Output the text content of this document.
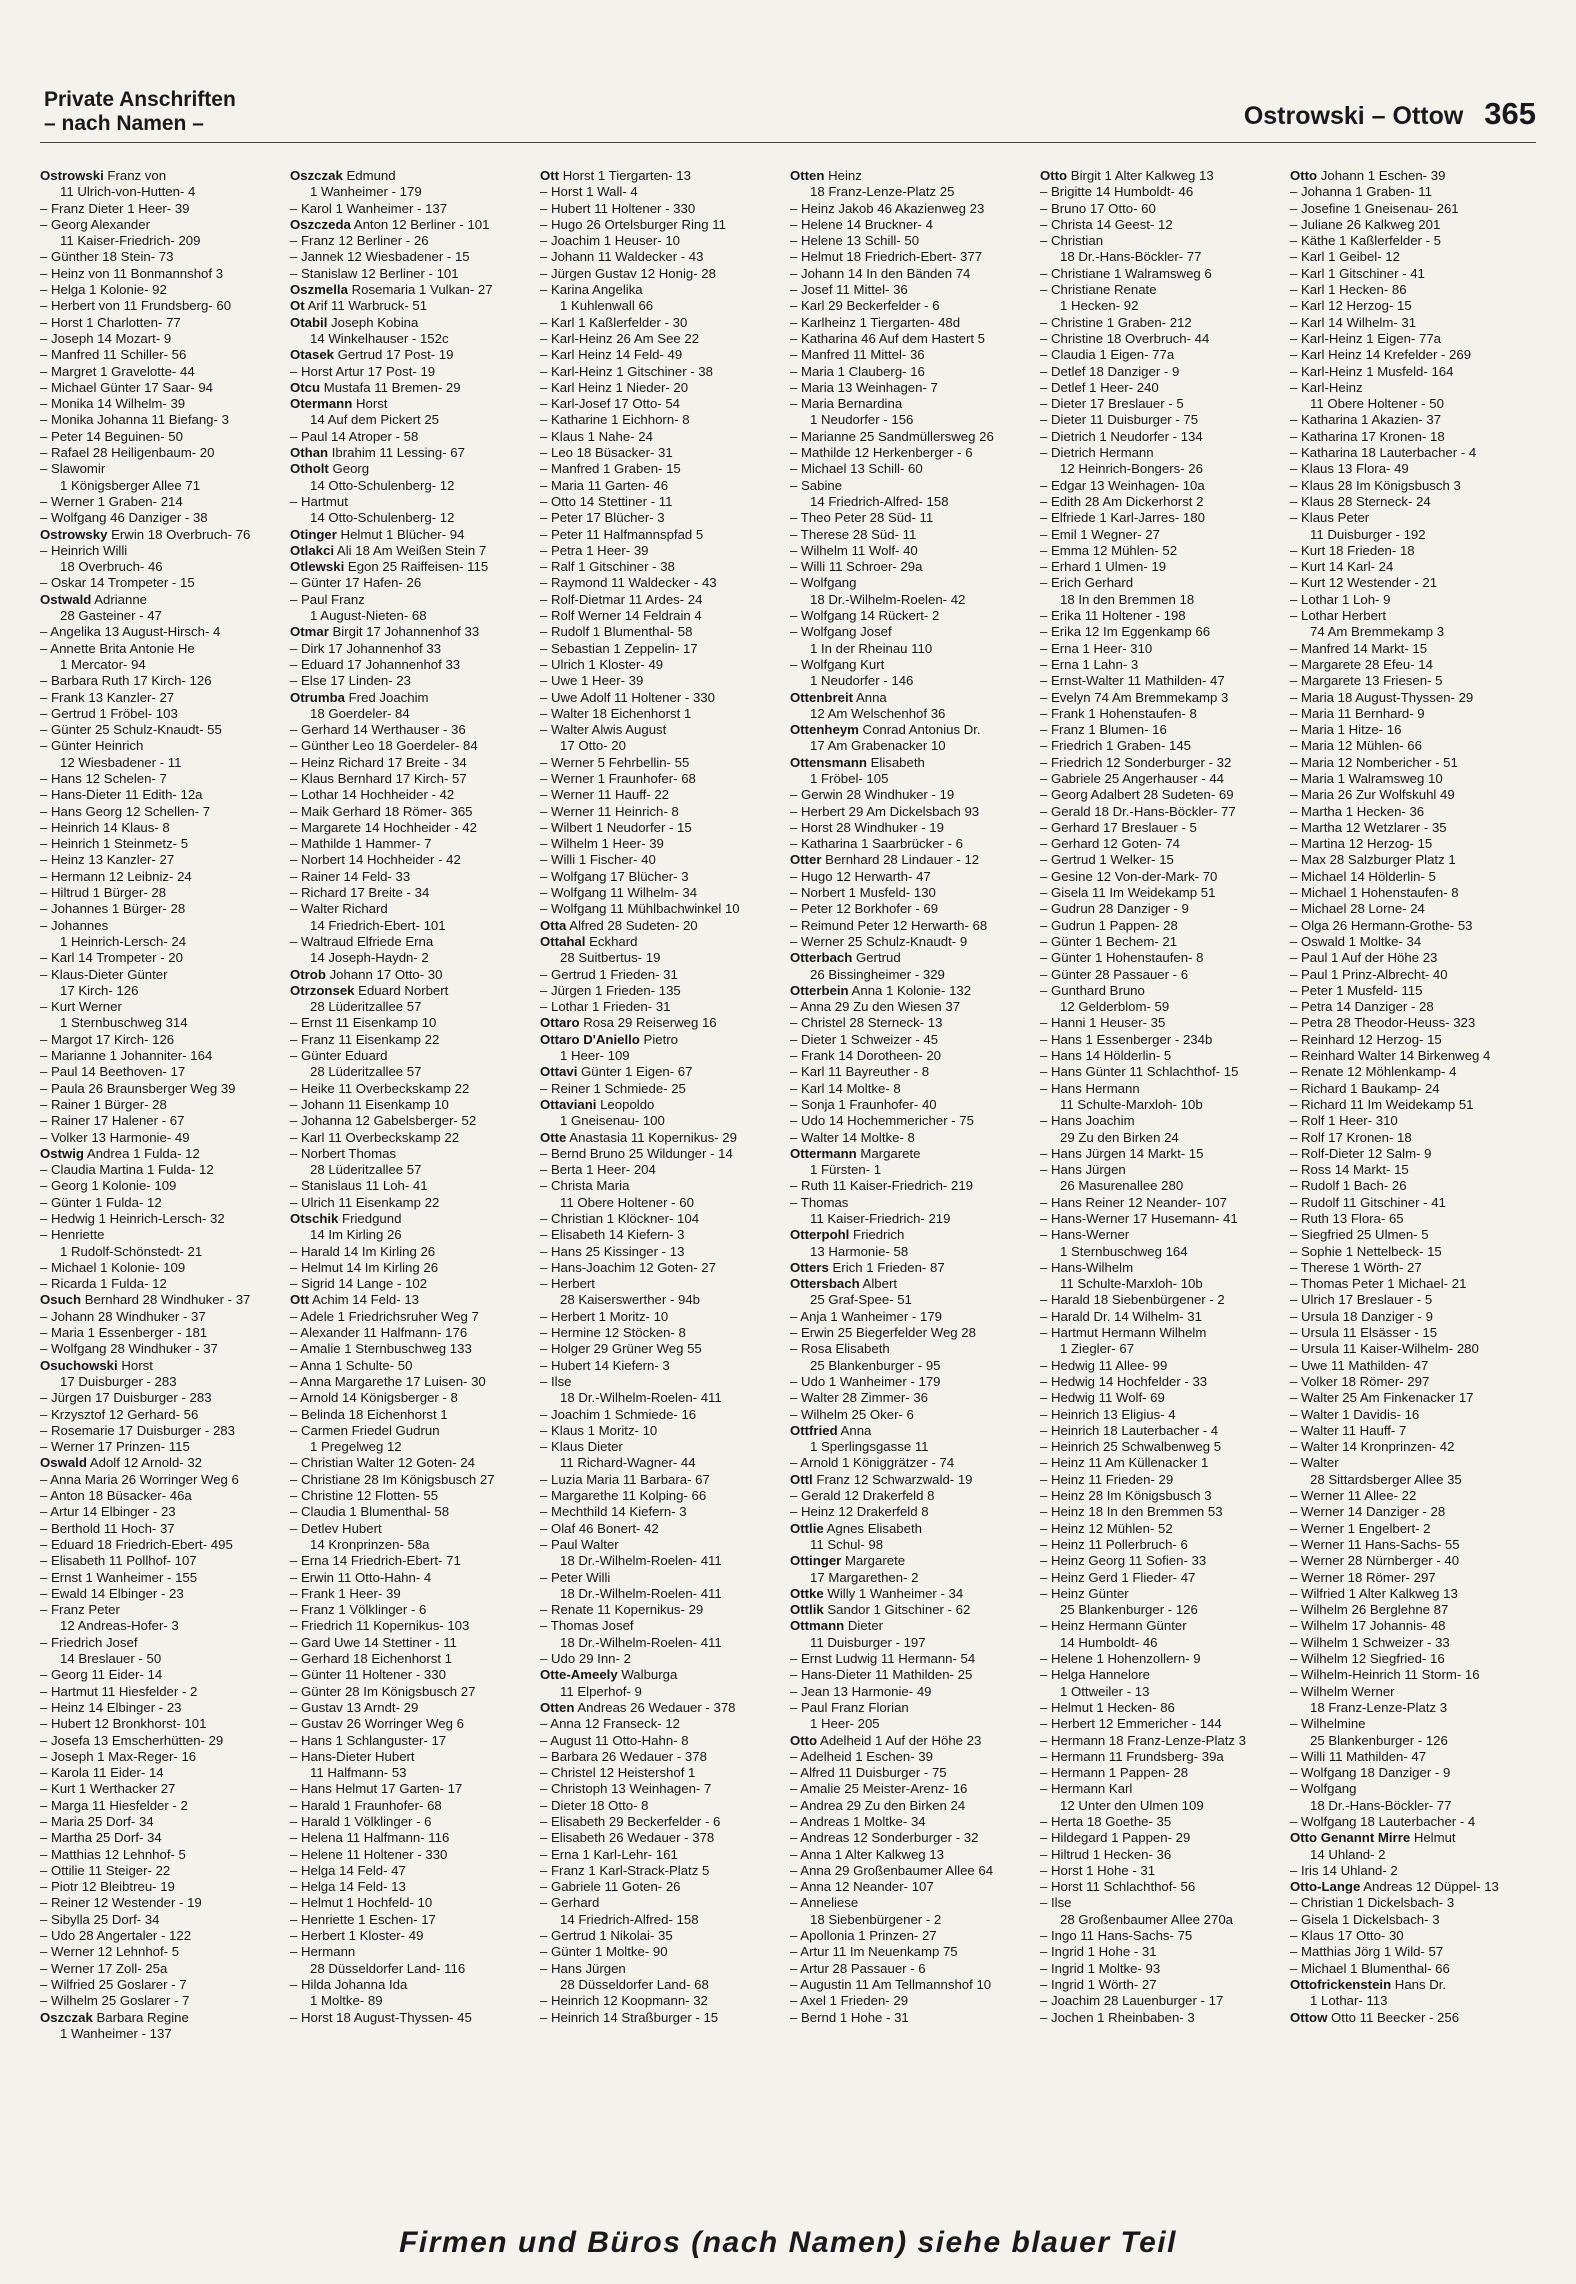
Private Anschriften
– nach Namen –	Ostrowski – Ottow 365
Ostrowski Franz von
11 Ulrich-von-Hutten- 4
– Franz Dieter 1 Heer- 39
– Georg Alexander
11 Kaiser-Friedrich- 209
– Günther 18 Stein- 73
– Heinz von 11 Bonmannshof 3
– Helga 1 Kolonie- 92
– Herbert von 11 Frundsberg- 60
– Horst 1 Charlotten- 77
– Joseph 14 Mozart- 9
– Manfred 11 Schiller- 56
– Margret 1 Gravelotte- 44
– Michael Günter 17 Saar- 94
– Monika 14 Wilhelm- 39
– Monika Johanna 11 Biefang- 3
– Peter 14 Beguinen- 50
– Rafael 28 Heiligenbaum- 20
– Slawomir
1 Königsberger Allee 71
– Werner 1 Graben- 214
– Wolfgang 46 Danziger - 38
Ostrowsky Erwin 18 Overbruch- 76
– Heinrich Willi
18 Overbruch- 46
– Oskar 14 Trompeter - 15
Ostwald Adrianne
28 Gasteiner - 47
– Angelika 13 August-Hirsch- 4
– Annette Brita Antonie He
1 Mercator- 94
– Barbara Ruth 17 Kirch- 126
– Frank 13 Kanzler- 27
– Gertrud 1 Fröbel- 103
– Günter 25 Schulz-Knaudt- 55
– Günter Heinrich
12 Wiesbadener - 11
– Hans 12 Schelen- 7
– Hans-Dieter 11 Edith- 12a
– Hans Georg 12 Schellen- 7
– Heinrich 14 Klaus- 8
– Heinrich 1 Steinmetz- 5
– Heinz 13 Kanzler- 27
– Hermann 12 Leibniz- 24
– Hiltrud 1 Bürger- 28
– Johannes 1 Bürger- 28
– Johannes
1 Heinrich-Lersch- 24
– Karl 14 Trompeter - 20
– Klaus-Dieter Günter
17 Kirch- 126
– Kurt Werner
1 Sternbuschweg 314
– Margot 17 Kirch- 126
– Marianne 1 Johanniter- 164
– Paul 14 Beethoven- 17
– Paula 26 Braunsberger Weg 39
– Rainer 1 Bürger- 28
– Rainer 17 Halener - 67
– Volker 13 Harmonie- 49
Ostwig Andrea 1 Fulda- 12
– Claudia Martina 1 Fulda- 12
– Georg 1 Kolonie- 109
– Günter 1 Fulda- 12
– Hedwig 1 Heinrich-Lersch- 32
– Henriette
1 Rudolf-Schönstedt- 21
– Michael 1 Kolonie- 109
– Ricarda 1 Fulda- 12
Osuch Bernhard 28 Windhuker - 37
– Johann 28 Windhuker - 37
– Maria 1 Essenberger - 181
– Wolfgang 28 Windhuker - 37
Osuchowski Horst
17 Duisburger - 283
– Jürgen 17 Duisburger - 283
– Krzysztof 12 Gerhard- 56
– Rosemarie 17 Duisburger - 283
– Werner 17 Prinzen- 115
Oswald Adolf 12 Arnold- 32
– Anna Maria 26 Worringer Weg 6
– Anton 18 Büsacker- 46a
– Artur 14 Elbinger - 23
– Berthold 11 Hoch- 37
– Eduard 18 Friedrich-Ebert- 495
– Elisabeth 11 Pollhof- 107
– Ernst 1 Wanheimer - 155
– Ewald 14 Elbinger - 23
– Franz Peter
12 Andreas-Hofer- 3
– Friedrich Josef
14 Breslauer - 50
– Georg 11 Eider- 14
– Hartmut 11 Hiesfelder - 2
– Heinz 14 Elbinger - 23
– Hubert 12 Bronkhorst- 101
– Josefa 13 Emscherhütten- 29
– Joseph 1 Max-Reger- 16
– Karola 11 Eider- 14
– Kurt 1 Werthacker 27
– Marga 11 Hiesfelder - 2
– Maria 25 Dorf- 34
– Martha 25 Dorf- 34
– Matthias 12 Lehnhof- 5
– Ottilie 11 Steiger- 22
– Piotr 12 Bleibtreu- 19
– Reiner 12 Westender - 19
– Sibylla 25 Dorf- 34
– Udo 28 Angertaler - 122
– Werner 12 Lehnhof- 5
– Werner 17 Zoll- 25a
– Wilfried 25 Goslarer - 7
– Wilhelm 25 Goslarer - 7
Oszczak Barbara Regine
1 Wanheimer - 137
Oszczak Edmund
1 Wanheimer - 179
– Karol 1 Wanheimer - 137
Oszczeda Anton 12 Berliner - 101
– Franz 12 Berliner - 26
– Jannek 12 Wiesbadener - 15
– Stanislaw 12 Berliner - 101
Oszmella Rosemaria 1 Vulkan- 27
Ot Arif 11 Warbruck- 51
Otabil Joseph Kobina
14 Winkelhauser - 152c
Otasek Gertrud 17 Post- 19
– Horst Artur 17 Post- 19
Otcu Mustafa 11 Bremen- 29
Otermann Horst
14 Auf dem Pickert 25
– Paul 14 Atroper - 58
Othan Ibrahim 11 Lessing- 67
Otholt Georg
14 Otto-Schulenberg- 12
– Hartmut
14 Otto-Schulenberg- 12
Otinger Helmut 1 Blücher- 94
Otlakci Ali 18 Am Weißen Stein 7
Otlewski Egon 25 Raiffeisen- 115
– Günter 17 Hafen- 26
– Paul Franz
1 August-Nieten- 68
Otmar Birgit 17 Johannenhof 33
– Dirk 17 Johannenhof 33
– Eduard 17 Johannenhof 33
– Else 17 Linden- 23
Otrumba Fred Joachim
18 Goerdeler- 84
– Gerhard 14 Werthauser - 36
– Günther Leo 18 Goerdeler- 84
– Heinz Richard 17 Breite - 34
– Klaus Bernhard 17 Kirch- 57
– Lothar 14 Hochheider - 42
– Maik Gerhard 18 Römer- 365
– Margarete 14 Hochheider - 42
– Mathilde 1 Hammer- 7
– Norbert 14 Hochheider - 42
– Rainer 14 Feld- 33
– Richard 17 Breite - 34
– Walter Richard
14 Friedrich-Ebert- 101
– Waltraud Elfriede Erna
14 Joseph-Haydn- 2
Otrob Johann 17 Otto- 30
Otrzonsek Eduard Norbert
28 Lüderitzallee 57
– Ernst 11 Eisenkamp 10
– Franz 11 Eisenkamp 22
– Günter Eduard
28 Lüderitzallee 57
– Heike 11 Overbeckskamp 22
– Johann 11 Eisenkamp 10
– Johanna 12 Gabelsberger- 52
– Karl 11 Overbeckskamp 22
– Norbert Thomas
28 Lüderitzallee 57
– Stanislaus 11 Loh- 41
– Ulrich 11 Eisenkamp 22
Otschik Friedgund
14 Im Kirling 26
– Harald 14 Im Kirling 26
– Helmut 14 Im Kirling 26
– Sigrid 14 Lange - 102
Ott Achim 14 Feld- 13
– Adele 1 Friedrichsruher Weg 7
– Alexander 11 Halfmann- 176
– Amalie 1 Sternbuschweg 133
– Anna 1 Schulte- 50
– Anna Margarethe 17 Luisen- 30
– Arnold 14 Königsberger - 8
– Belinda 18 Eichenhorst 1
– Carmen Friedel Gudrun
1 Pregelweg 12
– Christian Walter 12 Goten- 24
– Christiane 28 Im Königsbusch 27
– Christine 12 Flotten- 55
– Claudia 1 Blumenthal- 58
– Detlev Hubert
14 Kronprinzen- 58a
– Erna 14 Friedrich-Ebert- 71
– Erwin 11 Otto-Hahn- 4
– Frank 1 Heer- 39
– Franz 1 Völklinger - 6
– Friedrich 11 Kopernikus- 103
– Gard Uwe 14 Stettiner - 11
– Gerhard 18 Eichenhorst 1
– Günter 11 Holtener - 330
– Günter 28 Im Königsbusch 27
– Gustav 13 Arndt- 29
– Gustav 26 Worringer Weg 6
– Hans 1 Schlanguster- 17
– Hans-Dieter Hubert
11 Halfmann- 53
– Hans Helmut 17 Garten- 17
– Harald 1 Fraunhofer- 68
– Harald 1 Völklinger - 6
– Helena 11 Halfmann- 116
– Helene 11 Holtener - 330
– Helga 14 Feld- 47
– Helga 14 Feld- 13
– Helmut 1 Hochfeld- 10
– Henriette 1 Eschen- 17
– Herbert 1 Kloster- 49
– Hermann
28 Düsseldorfer Land- 116
– Hilda Johanna Ida
1 Moltke- 89
– Horst 18 August-Thyssen- 45
Ott Horst 1 Tiergarten- 13
– Horst 1 Wall- 4
– Hubert 11 Holtener - 330
– Hugo 26 Ortelsburger Ring 11
– Joachim 1 Heuser- 10
– Johann 11 Waldecker - 43
– Jürgen Gustav 12 Honig- 28
– Karina Angelika
1 Kuhlenwall 66
– Karl 1 Kaßlerfelder - 30
– Karl-Heinz 26 Am See 22
– Karl Heinz 14 Feld- 49
– Karl-Heinz 1 Gitschiner - 38
– Karl Heinz 1 Nieder- 20
– Karl-Josef 17 Otto- 54
– Katharine 1 Eichhorn- 8
– Klaus 1 Nahe- 24
– Leo 18 Büsacker- 31
– Manfred 1 Graben- 15
– Maria 11 Garten- 46
– Otto 14 Stettiner - 11
– Peter 17 Blücher- 3
– Peter 11 Halfmannspfad 5
– Petra 1 Heer- 39
– Ralf 1 Gitschiner - 38
– Raymond 11 Waldecker - 43
– Rolf-Dietmar 11 Ardes- 24
– Rolf Werner 14 Feldrain 4
– Rudolf 1 Blumenthal- 58
– Sebastian 1 Zeppelin- 17
– Ulrich 1 Kloster- 49
– Uwe 1 Heer- 39
– Uwe Adolf 11 Holtener - 330
– Walter 18 Eichenhorst 1
– Walter Alwis August
17 Otto- 20
– Werner 5 Fehrbellin- 55
– Werner 1 Fraunhofer- 68
– Werner 11 Hauff- 22
– Werner 11 Heinrich- 8
– Wilbert 1 Neudorfer - 15
– Wilhelm 1 Heer- 39
– Willi 1 Fischer- 40
– Wolfgang 17 Blücher- 3
– Wolfgang 11 Wilhelm- 34
– Wolfgang 11 Mühlbachwinkel 10
Otta Alfred 28 Sudeten- 20
Ottahal Eckhard
28 Suitbertus- 19
– Gertrud 1 Frieden- 31
– Jürgen 1 Frieden- 135
– Lothar 1 Frieden- 31
Ottaro Rosa 29 Reiserweg 16
Ottaro D'Aniello Pietro
1 Heer- 109
Ottavi Günter 1 Eigen- 67
– Reiner 1 Schmiede- 25
Ottaviani Leopoldo
1 Gneisenau- 100
Otte Anastasia 11 Kopernikus- 29
– Bernd Bruno 25 Wildunger - 14
– Berta 1 Heer- 204
– Christa Maria
11 Obere Holtener - 60
– Christian 1 Klöckner- 104
– Elisabeth 14 Kiefern- 3
– Hans 25 Kissinger - 13
– Hans-Joachim 12 Goten- 27
– Herbert
28 Kaiserswerther - 94b
– Herbert 1 Moritz- 10
– Hermine 12 Stöcken- 8
– Holger 29 Grüner Weg 55
– Hubert 14 Kiefern- 3
– Ilse
18 Dr.-Wilhelm-Roelen- 411
– Joachim 1 Schmiede- 16
– Klaus 1 Moritz- 10
– Klaus Dieter
11 Richard-Wagner- 44
– Luzia Maria 11 Barbara- 67
– Margarethe 11 Kolping- 66
– Mechthild 14 Kiefern- 3
– Olaf 46 Bonert- 42
– Paul Walter
18 Dr.-Wilhelm-Roelen- 411
– Peter Willi
18 Dr.-Wilhelm-Roelen- 411
– Renate 11 Kopernikus- 29
– Thomas Josef
18 Dr.-Wilhelm-Roelen- 411
– Udo 29 Inn- 2
Otte-Ameely Walburga
11 Elperhof- 9
Otten Andreas 26 Wedauer - 378
– Anna 12 Franseck- 12
– August 11 Otto-Hahn- 8
– Barbara 26 Wedauer - 378
– Christel 12 Heistershof 1
– Christoph 13 Weinhagen- 7
– Dieter 18 Otto- 8
– Elisabeth 29 Beckerfelder - 6
– Elisabeth 26 Wedauer - 378
– Erna 1 Karl-Lehr- 161
– Franz 1 Karl-Strack-Platz 5
– Gabriele 11 Goten- 26
– Gerhard
14 Friedrich-Alfred- 158
– Gertrud 1 Nikolai- 35
– Günter 1 Moltke- 90
– Hans Jürgen
28 Düsseldorfer Land- 68
– Heinrich 12 Koopmann- 32
– Heinrich 14 Straßburger - 15
Otten Heinz
18 Franz-Lenze-Platz 25
– Heinz Jakob 46 Akazienweg 23
– Helene 14 Bruckner- 4
– Helene 13 Schill- 50
– Helmut 18 Friedrich-Ebert- 377
– Johann 14 In den Bänden 74
– Josef 11 Mittel- 36
– Karl 29 Beckerfelder - 6
– Karlheinz 1 Tiergarten- 48d
– Katharina 46 Auf dem Hastert 5
– Manfred 11 Mittel- 36
– Maria 1 Clauberg- 16
– Maria 13 Weinhagen- 7
– Maria Bernardina
1 Neudorfer - 156
– Marianne 25 Sandmüllersweg 26
– Mathilde 12 Herkenberger - 6
– Michael 13 Schill- 60
– Sabine
14 Friedrich-Alfred- 158
– Theo Peter 28 Süd- 11
– Therese 28 Süd- 11
– Wilhelm 11 Wolf- 40
– Willi 11 Schroer- 29a
– Wolfgang
18 Dr.-Wilhelm-Roelen- 42
– Wolfgang 14 Rückert- 2
– Wolfgang Josef
1 In der Rheinau 110
– Wolfgang Kurt
1 Neudorfer - 146
Ottenbreit Anna
12 Am Welschenhof 36
Ottenheym Conrad Antonius Dr.
17 Am Grabenacker 10
Ottensmann Elisabeth
1 Fröbel- 105
– Gerwin 28 Windhuker - 19
– Herbert 29 Am Dickelsbach 93
– Horst 28 Windhuker - 19
– Katharina 1 Saarbrücker - 6
Otter Bernhard 28 Lindauer - 12
– Hugo 12 Herwarth- 47
– Norbert 1 Musfeld- 130
– Peter 12 Borkhofer - 69
– Reimund Peter 12 Herwarth- 68
– Werner 25 Schulz-Knaudt- 9
Otterbach Gertrud
26 Bissingheimer - 329
Otterbein Anna 1 Kolonie- 132
– Anna 29 Zu den Wiesen 37
– Christel 28 Sterneck- 13
– Dieter 1 Schweizer - 45
– Frank 14 Dorotheen- 20
– Karl 11 Bayreuther - 8
– Karl 14 Moltke- 8
– Sonja 1 Fraunhofer- 40
– Udo 14 Hochemmericher - 75
– Walter 14 Moltke- 8
Ottermann Margarete
1 Fürsten- 1
– Ruth 11 Kaiser-Friedrich- 219
– Thomas
11 Kaiser-Friedrich- 219
Otterpohl Friedrich
13 Harmonie- 58
Otters Erich 1 Frieden- 87
Ottersbach Albert
25 Graf-Spee- 51
– Anja 1 Wanheimer - 179
– Erwin 25 Biegerfelder Weg 28
– Rosa Elisabeth
25 Blankenburger - 95
– Udo 1 Wanheimer - 179
– Walter 28 Zimmer- 36
– Wilhelm 25 Oker- 6
Ottfried Anna
1 Sperlingsgasse 11
– Arnold 1 Königgrätzer - 74
Ottl Franz 12 Schwarzwald- 19
– Gerald 12 Drakerfeld 8
– Heinz 12 Drakerfeld 8
Ottlie Agnes Elisabeth
11 Schul- 98
Ottinger Margarete
17 Margarethen- 2
Ottke Willy 1 Wanheimer - 34
Ottlik Sandor 1 Gitschiner - 62
Ottmann Dieter
11 Duisburger - 197
– Ernst Ludwig 11 Hermann- 54
– Hans-Dieter 11 Mathilden- 25
– Jean 13 Harmonie- 49
– Paul Franz Florian
1 Heer- 205
Otto Adelheid 1 Auf der Höhe 23
– Adelheid 1 Eschen- 39
– Alfred 11 Duisburger - 75
– Amalie 25 Meister-Arenz- 16
– Andrea 29 Zu den Birken 24
– Andreas 1 Moltke- 34
– Andreas 12 Sonderburger - 32
– Anna 1 Alter Kalkweg 13
– Anna 29 Großenbaumer Allee 64
– Anna 12 Neander- 107
– Anneliese
18 Siebenbürgener - 2
– Apollonia 1 Prinzen- 27
– Artur 11 Im Neuenkamp 75
– Artur 28 Passauer - 6
– Augustin 11 Am Tellmannshof 10
– Axel 1 Frieden- 29
– Bernd 1 Hohe - 31
Otto Birgit 1 Alter Kalkweg 13
– Brigitte 14 Humboldt- 46
– Bruno 17 Otto- 60
– Christa 14 Geest- 12
– Christian
18 Dr.-Hans-Böckler- 77
– Christiane 1 Walramsweg 6
– Christiane Renate
1 Hecken- 92
– Christine 1 Graben- 212
– Christine 18 Overbruch- 44
– Claudia 1 Eigen- 77a
– Detlef 18 Danziger - 9
– Detlef 1 Heer- 240
– Dieter 17 Breslauer - 5
– Dieter 11 Duisburger - 75
– Dietrich 1 Neudorfer - 134
– Dietrich Hermann
12 Heinrich-Bongers- 26
– Edgar 13 Weinhagen- 10a
– Edith 28 Am Dickerhorst 2
– Elfriede 1 Karl-Jarres- 180
– Emil 1 Wegner- 27
– Emma 12 Mühlen- 52
– Erhard 1 Ulmen- 19
– Erich Gerhard
18 In den Bremmen 18
– Erika 11 Holtener - 198
– Erika 12 Im Eggenkamp 66
– Erna 1 Heer- 310
– Erna 1 Lahn- 3
– Ernst-Walter 11 Mathilden- 47
– Evelyn 74 Am Bremmekamp 3
– Frank 1 Hohenstaufen- 8
– Franz 1 Blumen- 16
– Friedrich 1 Graben- 145
– Friedrich 12 Sonderburger - 32
– Gabriele 25 Angerhauser - 44
– Georg Adalbert 28 Sudeten- 69
– Gerald 18 Dr.-Hans-Böckler- 77
– Gerhard 17 Breslauer - 5
– Gerhard 12 Goten- 74
– Gertrud 1 Welker- 15
– Gesine 12 Von-der-Mark- 70
– Gisela 11 Im Weidekamp 51
– Gudrun 28 Danziger - 9
– Gudrun 1 Pappen- 28
– Günter 1 Bechem- 21
– Günter 1 Hohenstaufen- 8
– Günter 28 Passauer - 6
– Gunthard Bruno
12 Gelderblom- 59
– Hanni 1 Heuser- 35
– Hans 1 Essenberger - 234b
– Hans 14 Hölderlin- 5
– Hans Günter 11 Schlachthof- 15
– Hans Hermann
11 Schulte-Marxloh- 10b
– Hans Joachim
29 Zu den Birken 24
– Hans Jürgen 14 Markt- 15
– Hans Jürgen
26 Masurenallee 280
– Hans Reiner 12 Neander- 107
– Hans-Werner 17 Husemann- 41
– Hans-Werner
1 Sternbuschweg 164
– Hans-Wilhelm
11 Schulte-Marxloh- 10b
– Harald 18 Siebenbürgener - 2
– Harald Dr. 14 Wilhelm- 31
– Hartmut Hermann Wilhelm
1 Ziegler- 67
– Hedwig 11 Allee- 99
– Hedwig 14 Hochfelder - 33
– Hedwig 11 Wolf- 69
– Heinrich 13 Eligius- 4
– Heinrich 18 Lauterbacher - 4
– Heinrich 25 Schwalbenweg 5
– Heinz 11 Am Küllenacker 1
– Heinz 11 Frieden- 29
– Heinz 28 Im Königsbusch 3
– Heinz 18 In den Bremmen 53
– Heinz 12 Mühlen- 52
– Heinz 11 Pollerbruch- 6
– Heinz Georg 11 Sofien- 33
– Heinz Gerd 1 Flieder- 47
– Heinz Günter
25 Blankenburger - 126
– Heinz Hermann Günter
14 Humboldt- 46
– Helene 1 Hohenzollern- 9
– Helga Hannelore
1 Ottweiler - 13
– Helmut 1 Hecken- 86
– Herbert 12 Emmericher - 144
– Hermann 18 Franz-Lenze-Platz 3
– Hermann 11 Frundsberg- 39a
– Hermann 1 Pappen- 28
– Hermann Karl
12 Unter den Ulmen 109
– Herta 18 Goethe- 35
– Hildegard 1 Pappen- 29
– Hiltrud 1 Hecken- 36
– Horst 1 Hohe - 31
– Horst 11 Schlachthof- 56
– Ilse
28 Großenbaumer Allee 270a
– Ingo 11 Hans-Sachs- 75
– Ingrid 1 Hohe - 31
– Ingrid 1 Moltke- 93
– Ingrid 1 Wörth- 27
– Joachim 28 Lauenburger - 17
– Jochen 1 Rheinbaben- 3
Otto Johann 1 Eschen- 39
– Johanna 1 Graben- 11
– Josefine 1 Gneisenau- 261
– Juliane 26 Kalkweg 201
– Käthe 1 Kaßlerfelder - 5
– Karl 1 Geibel- 12
– Karl 1 Gitschiner - 41
– Karl 1 Hecken- 86
– Karl 12 Herzog- 15
– Karl 14 Wilhelm- 31
– Karl-Heinz 1 Eigen- 77a
– Karl Heinz 14 Krefelder - 269
– Karl-Heinz 1 Musfeld- 164
– Karl-Heinz
11 Obere Holtener - 50
– Katharina 1 Akazien- 37
– Katharina 17 Kronen- 18
– Katharina 18 Lauterbacher - 4
– Klaus 13 Flora- 49
– Klaus 28 Im Königsbusch 3
– Klaus 28 Sterneck- 24
– Klaus Peter
11 Duisburger - 192
– Kurt 18 Frieden- 18
– Kurt 14 Karl- 24
– Kurt 12 Westender - 21
– Lothar 1 Loh- 9
– Lothar Herbert
74 Am Bremmekamp 3
– Manfred 14 Markt- 15
– Margarete 28 Efeu- 14
– Margarete 13 Friesen- 5
– Maria 18 August-Thyssen- 29
– Maria 11 Bernhard- 9
– Maria 1 Hitze- 16
– Maria 12 Mühlen- 66
– Maria 12 Nombericher - 51
– Maria 1 Walramsweg 10
– Maria 26 Zur Wolfskuhl 49
– Martha 1 Hecken- 36
– Martha 12 Wetzlarer - 35
– Martina 12 Herzog- 15
– Max 28 Salzburger Platz 1
– Michael 14 Hölderlin- 5
– Michael 1 Hohenstaufen- 8
– Michael 28 Lorne- 24
– Olga 26 Hermann-Grothe- 53
– Oswald 1 Moltke- 34
– Paul 1 Auf der Höhe 23
– Paul 1 Prinz-Albrecht- 40
– Peter 1 Musfeld- 115
– Petra 14 Danziger - 28
– Petra 28 Theodor-Heuss- 323
– Reinhard 12 Herzog- 15
– Reinhard Walter 14 Birkenweg 4
– Renate 12 Möhlenkamp- 4
– Richard 1 Baukamp- 24
– Richard 11 Im Weidekamp 51
– Rolf 1 Heer- 310
– Rolf 17 Kronen- 18
– Rolf-Dieter 12 Salm- 9
– Ross 14 Markt- 15
– Rudolf 1 Bach- 26
– Rudolf 11 Gitschiner - 41
– Ruth 13 Flora- 65
– Siegfried 25 Ulmen- 5
– Sophie 1 Nettelbeck- 15
– Therese 1 Wörth- 27
– Thomas Peter 1 Michael- 21
– Ulrich 17 Breslauer - 5
– Ursula 18 Danziger - 9
– Ursula 11 Elsässer - 15
– Ursula 11 Kaiser-Wilhelm- 280
– Uwe 11 Mathilden- 47
– Volker 18 Römer- 297
– Walter 25 Am Finkenacker 17
– Walter 1 Davidis- 16
– Walter 11 Hauff- 7
– Walter 14 Kronprinzen- 42
– Walter
28 Sittardsberger Allee 35
– Werner 11 Allee- 22
– Werner 14 Danziger - 28
– Werner 1 Engelbert- 2
– Werner 11 Hans-Sachs- 55
– Werner 28 Nürnberger - 40
– Werner 18 Römer- 297
– Wilfried 1 Alter Kalkweg 13
– Wilhelm 26 Berglehne 87
– Wilhelm 17 Johannis- 48
– Wilhelm 1 Schweizer - 33
– Wilhelm 12 Siegfried- 16
– Wilhelm-Heinrich 11 Storm- 16
– Wilhelm Werner
18 Franz-Lenze-Platz 3
– Wilhelmine
25 Blankenburger - 126
– Willi 11 Mathilden- 47
– Wolfgang 18 Danziger - 9
– Wolfgang
18 Dr.-Hans-Böckler- 77
– Wolfgang 18 Lauterbacher - 4
Otto Genannt Mirre Helmut
14 Uhland- 2
– Iris 14 Uhland- 2
Otto-Lange Andreas 12 Düppel- 13
– Christian 1 Dickelsbach- 3
– Gisela 1 Dickelsbach- 3
– Klaus 17 Otto- 30
– Matthias Jörg 1 Wild- 57
– Michael 1 Blumenthal- 66
Ottofrickenstein Hans Dr.
1 Lothar- 113
Ottow Otto 11 Beecker - 256
Firmen und Büros (nach Namen) siehe blauer Teil
